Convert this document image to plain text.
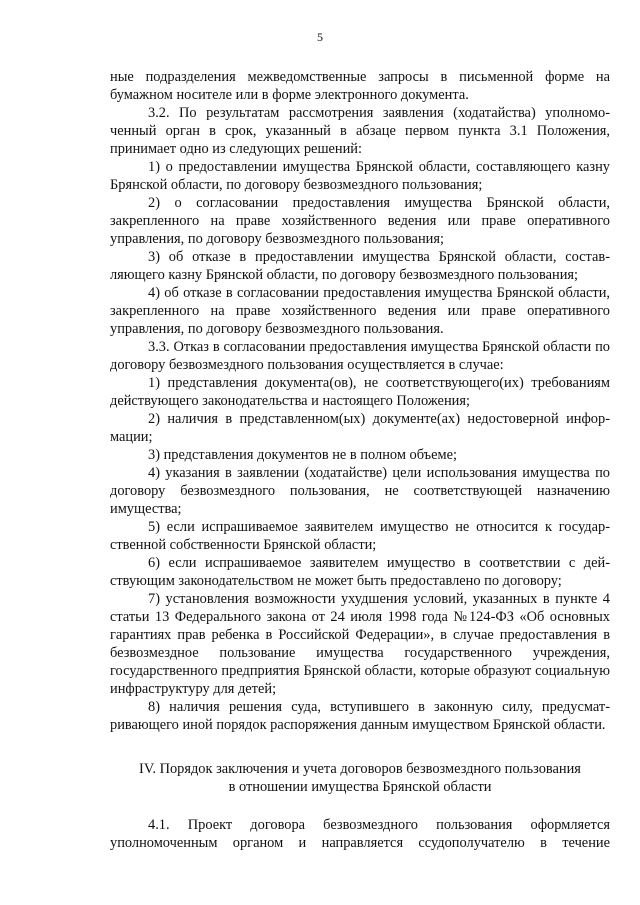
5

ные подразделения межведомственные запросы в письменной форме на бумажном носителе или в форме электронного документа.

3.2. По результатам рассмотрения заявления (ходатайства) уполномоченный орган в срок, указанный в абзаце первом пункта 3.1 Положения, принимает одно из следующих решений:

1) о предоставлении имущества Брянской области, составляющего казну Брянской области, по договору безвозмездного пользования;

2) о согласовании предоставления имущества Брянской области, закрепленного на праве хозяйственного ведения или праве оперативного управления, по договору безвозмездного пользования;

3) об отказе в предоставлении имущества Брянской области, составляющего казну Брянской области, по договору безвозмездного пользования;

4) об отказе в согласовании предоставления имущества Брянской области, закрепленного на праве хозяйственного ведения или праве оперативного управления, по договору безвозмездного пользования.

3.3. Отказ в согласовании предоставления имущества Брянской области по договору безвозмездного пользования осуществляется в случае:

1) представления документа(ов), не соответствующего(их) требованиям действующего законодательства и настоящего Положения;

2) наличия в представленном(ых) документе(ах) недостоверной информации;

3) представления документов не в полном объеме;

4) указания в заявлении (ходатайстве) цели использования имущества по договору безвозмездного пользования, не соответствующей назначению имущества;

5) если испрашиваемое заявителем имущество не относится к государственной собственности Брянской области;

6) если испрашиваемое заявителем имущество в соответствии с действующим законодательством не может быть предоставлено по договору;

7) установления возможности ухудшения условий, указанных в пункте 4 статьи 13 Федерального закона от 24 июля 1998 года №124-ФЗ «Об основных гарантиях прав ребенка в Российской Федерации», в случае предоставления в безвозмездное пользование имущества государственного учреждения, государственного предприятия Брянской области, которые образуют социальную инфраструктуру для детей;

8) наличия решения суда, вступившего в законную силу, предусматривающего иной порядок распоряжения данным имуществом Брянской области.

IV. Порядок заключения и учета договоров безвозмездного пользования
в отношении имущества Брянской области

4.1. Проект договора безвозмездного пользования оформляется уполномоченным органом и направляется ссудополучателю в течение
